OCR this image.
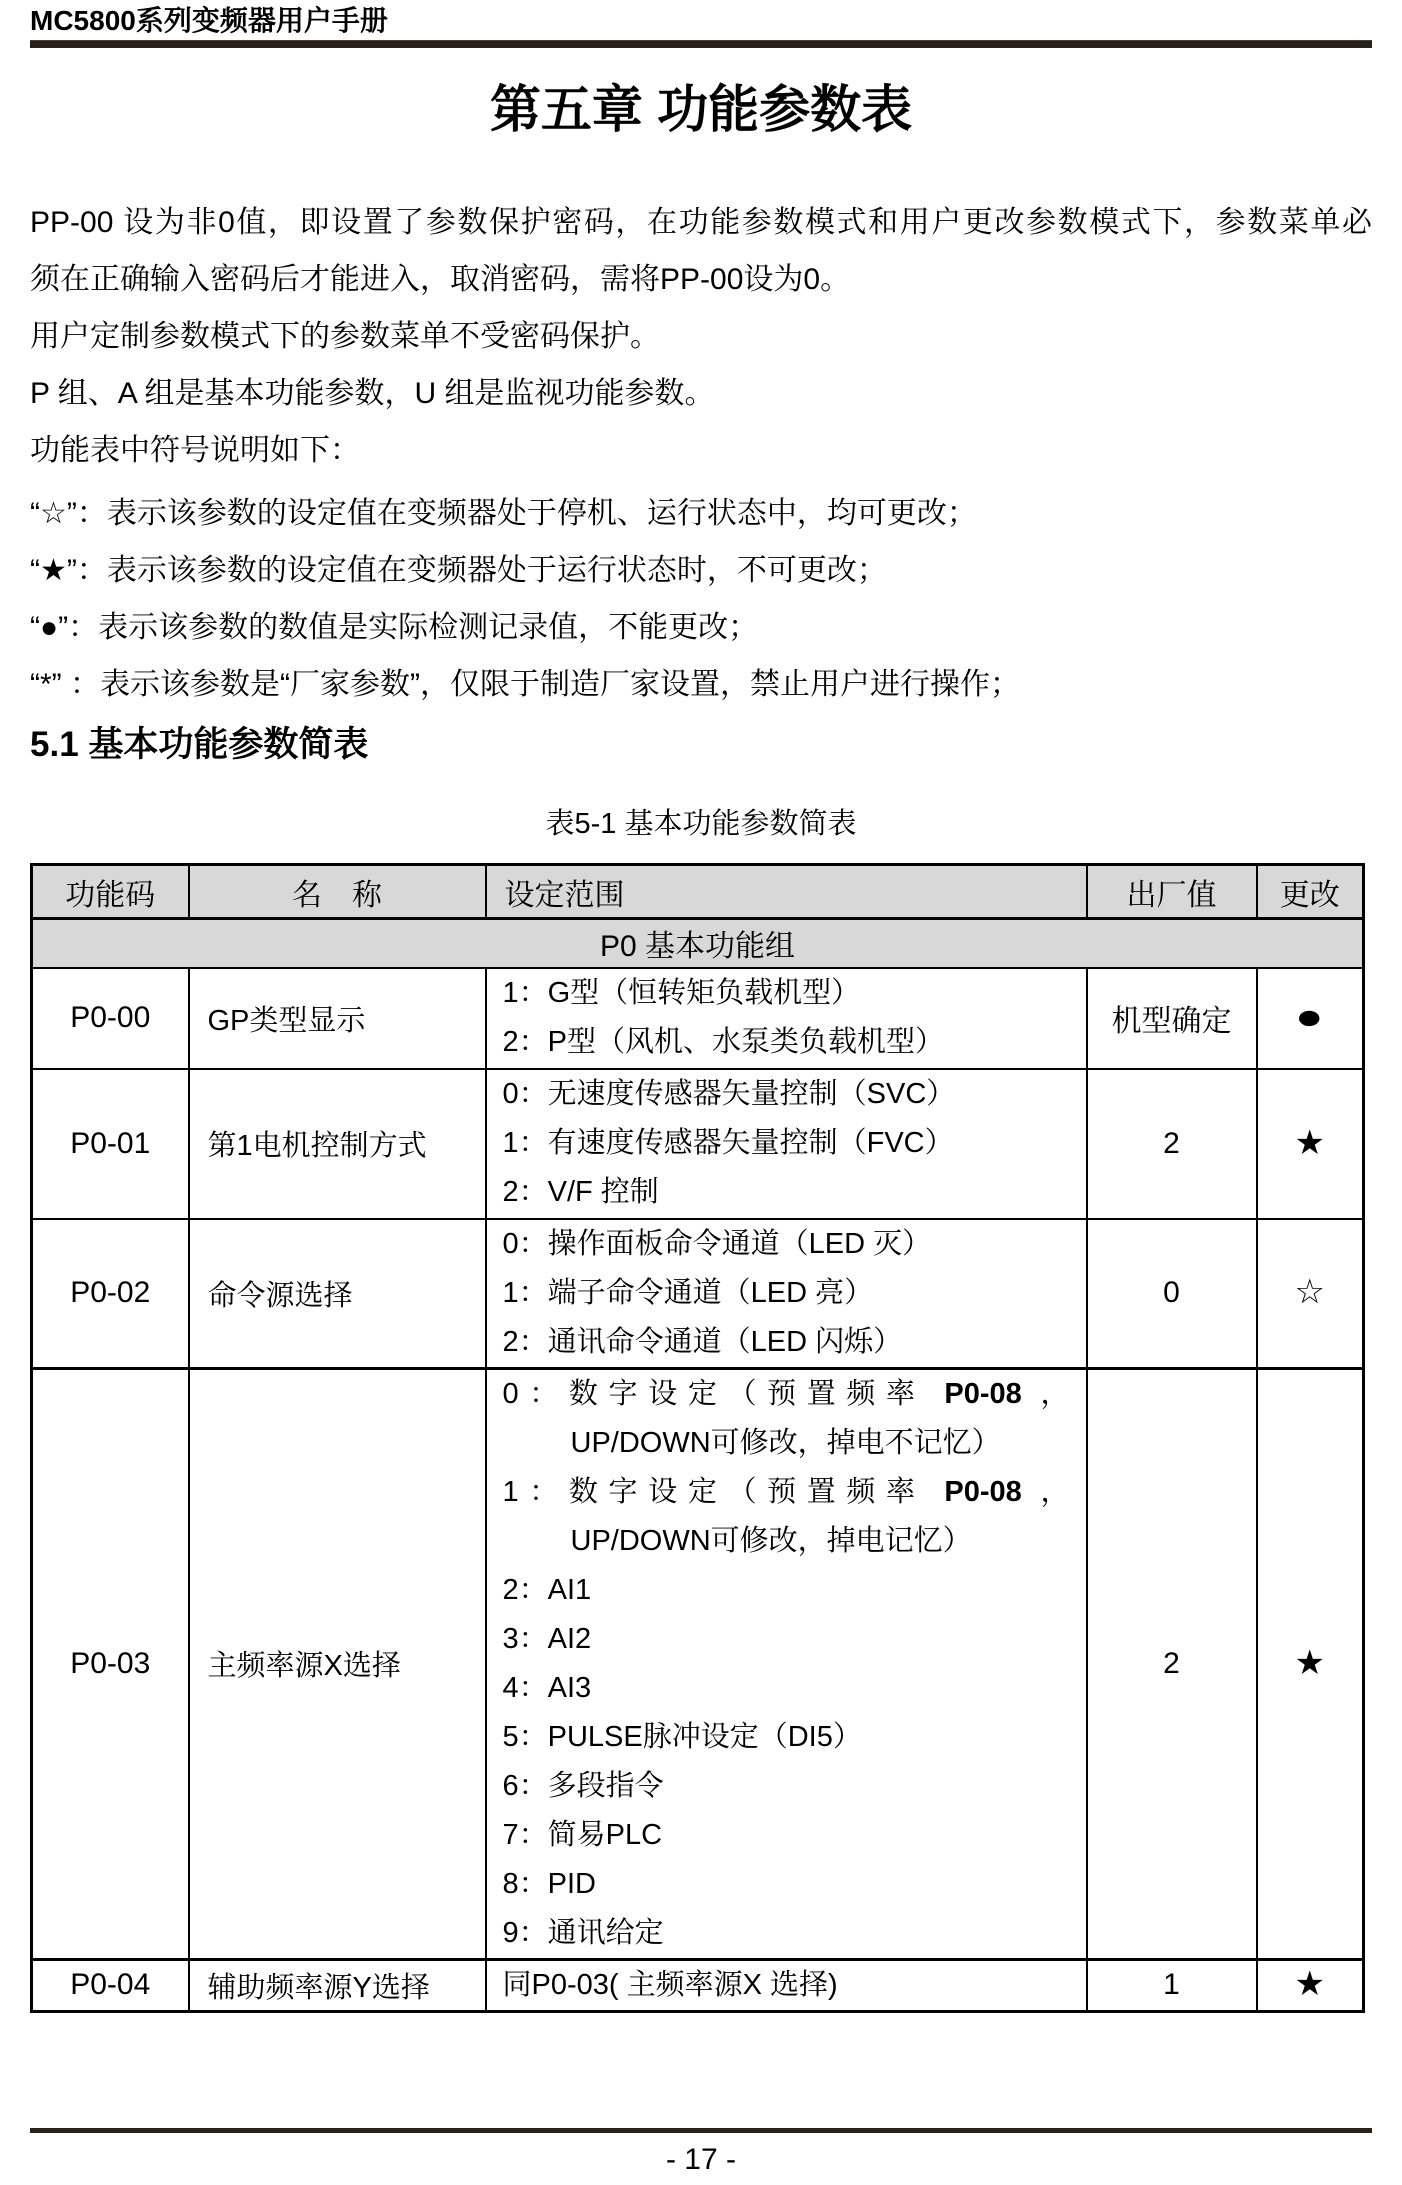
MC5800系列变频器用户手册
第五章 功能参数表

PP-00 设为非0值，即设置了参数保护密码，在功能参数模式和用户更改参数模式下，参数菜单必

须在正确输入密码后才能进入，取消密码，需将PP-00设为0。

用户定制参数模式下的参数菜单不受密码保护。

P 组、A 组是基本功能参数，U 组是监视功能参数。

功能表中符号说明如下：

“☆”：表示该参数的设定值在变频器处于停机、运行状态中，均可更改；

“★”：表示该参数的设定值在变频器处于运行状态时，不可更改；

“●”：表示该参数的数值是实际检测记录值，不能更改；

“*” ：表示该参数是“厂家参数”，仅限于制造厂家设置，禁止用户进行操作；

5.1 基本功能参数简表
表5-1 基本功能参数简表
功能码	名　称	设定范围	出厂值	更改
P0 基本功能组				
P0-00	GP类型显示	1：G型（恒转矩负载机型）
2：P型（风机、水泵类负载机型）	机型确定	●
P0-01	第1电机控制方式	0：无速度传感器矢量控制（SVC）
1：有速度传感器矢量控制（FVC）
2：V/F 控制	2	★
P0-02	命令源选择	0：操作面板命令通道（LED 灭）
1：端子命令通道（LED 亮）
2：通讯命令通道（LED 闪烁）	0	☆
P0-03	主频率源X选择	
0：数字设定（预置频率 P0-08 ，
UP/DOWN可修改，掉电不记忆）
1：数字设定（预置频率 P0-08 ，
UP/DOWN可修改，掉电记忆）
2：AI1
3：AI2
4：AI3
5：PULSE脉冲设定（DI5）
6：多段指令
7：简易PLC
8：PID
9：通讯给定
	2	★
P0-04	辅助频率源Y选择	同P0-03( 主频率源X 选择)	1	★
- 17 -
